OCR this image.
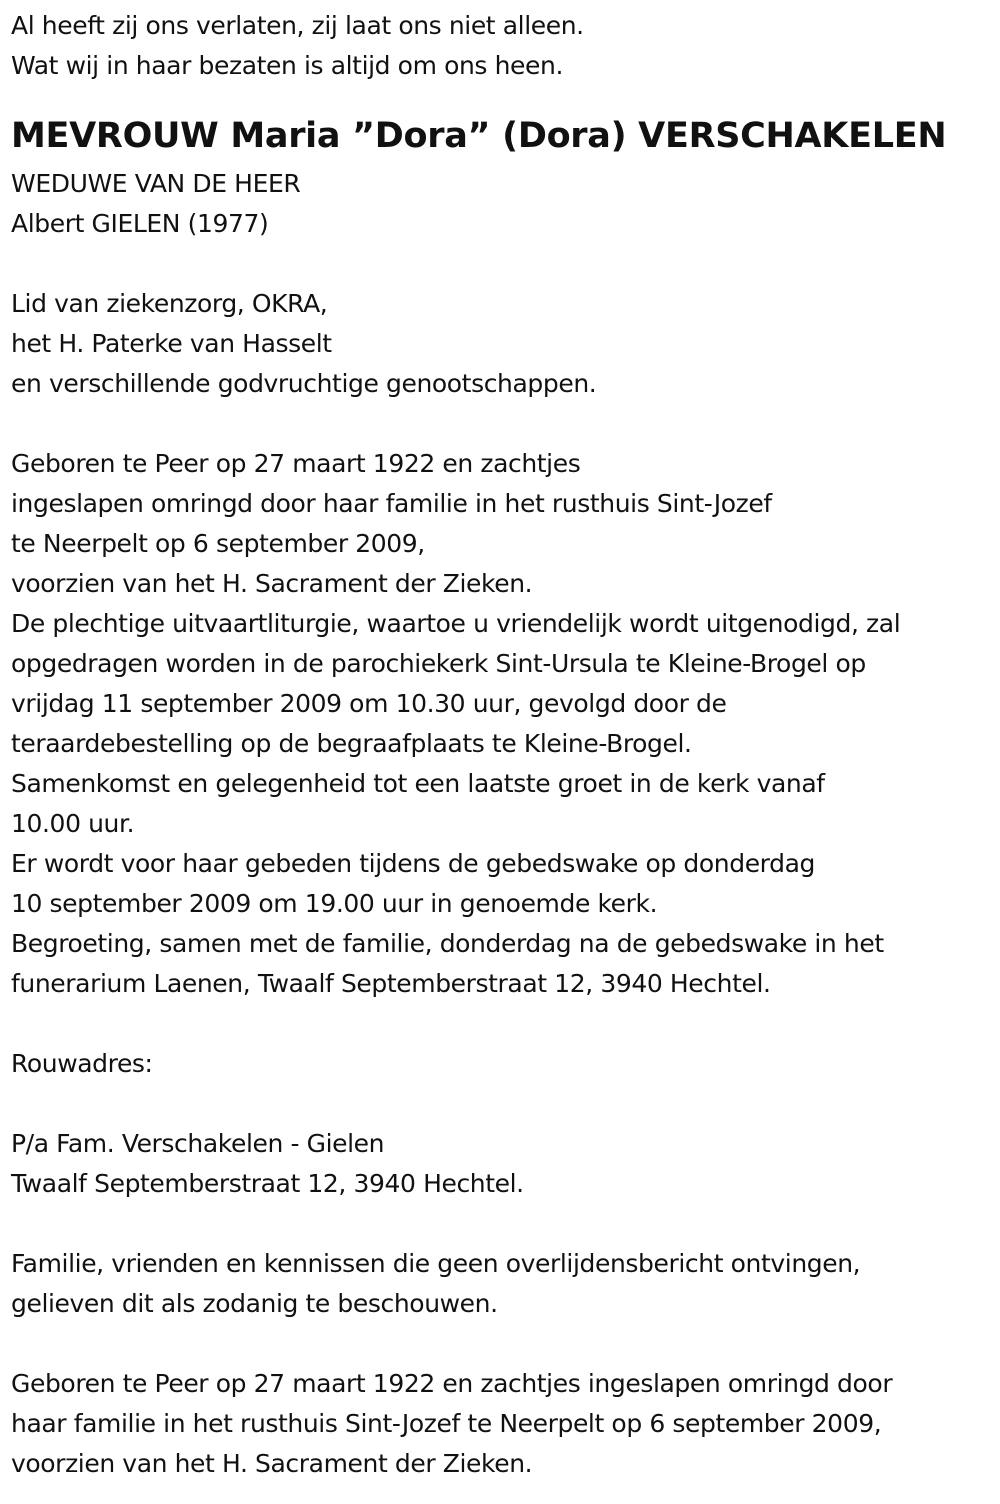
Al heeft zij ons verlaten, zij laat ons niet alleen.
Wat wij in haar bezaten is altijd om ons heen.
MEVROUW Maria ”Dora” (Dora) VERSCHAKELEN
WEDUWE VAN DE HEER
Albert GIELEN (1977)
Lid van ziekenzorg, OKRA,
het H. Paterke van Hasselt
en verschillende godvruchtige genootschappen.
Geboren te Peer op 27 maart 1922 en zachtjes
ingeslapen omringd door haar familie in het rusthuis Sint-Jozef
te Neerpelt op 6 september 2009,
voorzien van het H. Sacrament der Zieken.
De plechtige uitvaartliturgie, waartoe u vriendelijk wordt uitgenodigd, zal
opgedragen worden in de parochiekerk Sint-Ursula te Kleine-Brogel op
vrijdag 11 september 2009 om 10.30 uur, gevolgd door de
teraardebestelling op de begraafplaats te Kleine-Brogel.
Samenkomst en gelegenheid tot een laatste groet in de kerk vanaf
10.00 uur.
Er wordt voor haar gebeden tijdens de gebedswake op donderdag
10 september 2009 om 19.00 uur in genoemde kerk.
Begroeting, samen met de familie, donderdag na de gebedswake in het
funerarium Laenen, Twaalf Septemberstraat 12, 3940 Hechtel.
Rouwadres:
P/a Fam. Verschakelen - Gielen
Twaalf Septemberstraat 12, 3940 Hechtel.
Familie, vrienden en kennissen die geen overlijdensbericht ontvingen,
gelieven dit als zodanig te beschouwen.
Geboren te Peer op 27 maart 1922 en zachtjes ingeslapen omringd door
haar familie in het rusthuis Sint-Jozef te Neerpelt op 6 september 2009,
voorzien van het H. Sacrament der Zieken.
